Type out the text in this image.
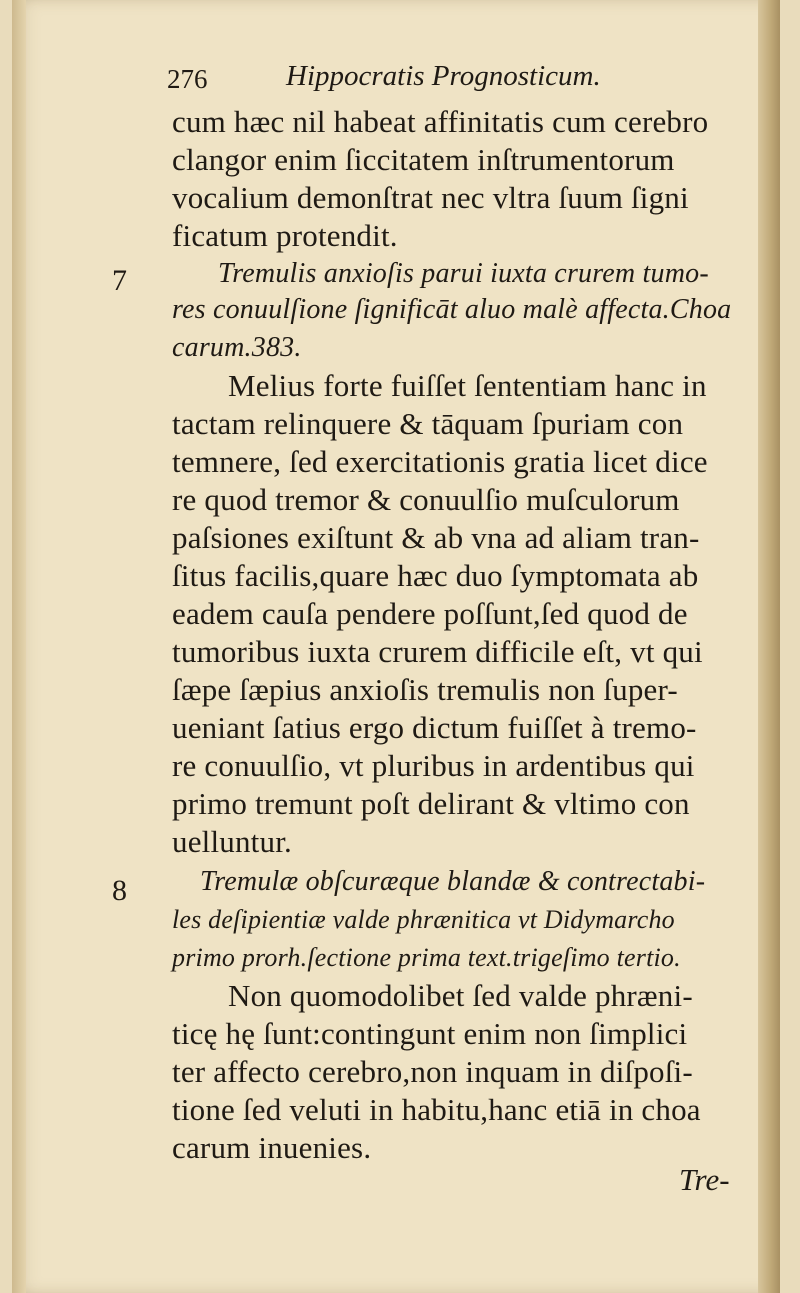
276	Hippocratis Prognosticum.
7
8
cum hæc nil habeat affinitatis cum cerebro
clangor enim ſiccitatem inſtrumentorum
vocalium demonſtrat nec vltra ſuum ſigni
ficatum protendit.
Tremulis anxioſis parui iuxta crurem tumo-
res conuulſione ſignificāt aluo malè affecta.Choa
carum.383.
Melius forte fuiſſet ſententiam hanc in
tactam relinquere & tāquam ſpuriam con
temnere, ſed exercitationis gratia licet dice
re quod tremor & conuulſio muſculorum
paſsiones exiſtunt & ab vna ad aliam tran-
ſitus facilis,quare hæc duo ſymptomata ab
eadem cauſa pendere poſſunt,ſed quod de
tumoribus iuxta crurem difficile eſt, vt qui
ſæpe ſæpius anxioſis tremulis non ſuper-
ueniant ſatius ergo dictum fuiſſet à tremo-
re conuulſio, vt pluribus in ardentibus qui
primo tremunt poſt delirant & vltimo con
uelluntur.
Tremulæ obſcuræque blandæ & contrectabi-
les deſipientiæ valde phrænitica vt Didymarcho
primo prorh.ſectione prima text.trigeſimo tertio.
Non quomodolibet ſed valde phræni-
ticę hę ſunt:contingunt enim non ſimplici
ter affecto cerebro,non inquam in diſpoſi-
tione ſed veluti in habitu,hanc etiā in choa
carum inuenies.
Tre-
